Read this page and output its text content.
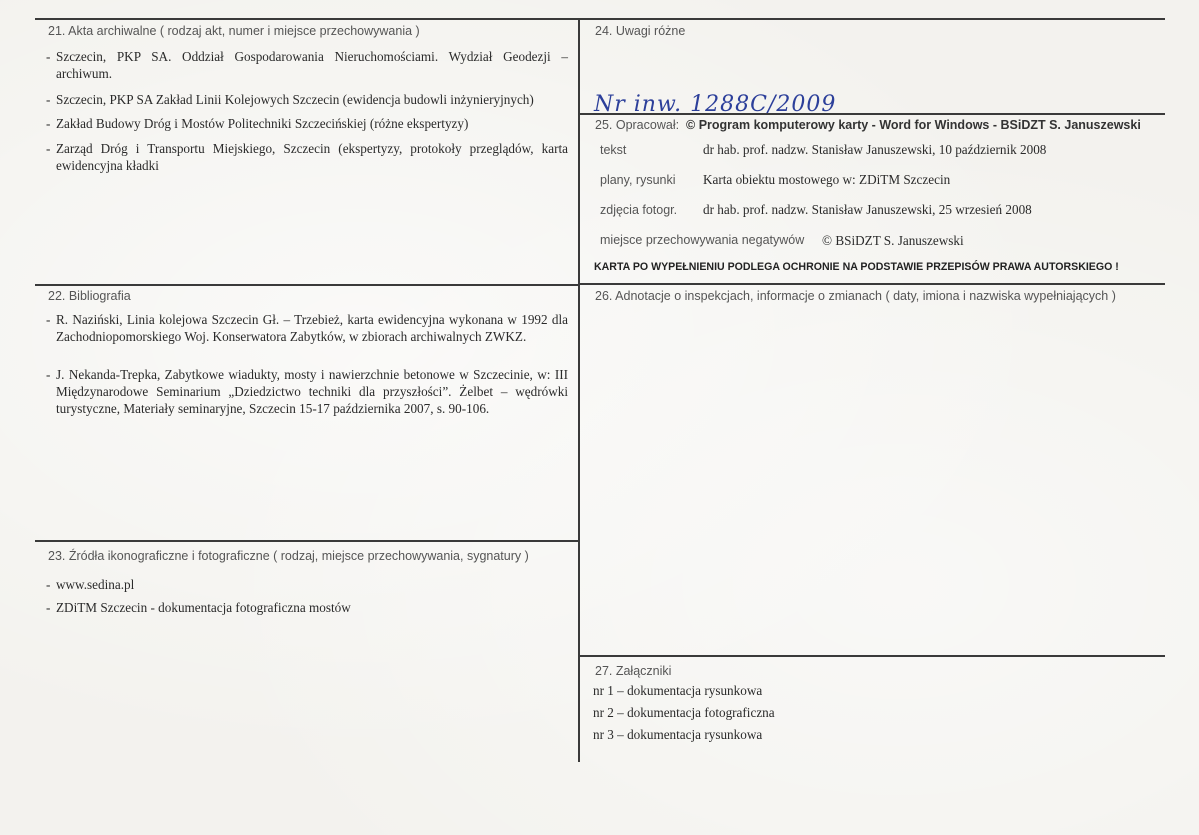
21. Akta archiwalne ( rodzaj akt, numer i miejsce przechowywania )
- Szczecin, PKP SA. Oddział Gospodarowania Nieruchomościami. Wydział Geodezji – archiwum.
- Szczecin, PKP SA Zakład Linii Kolejowych Szczecin (ewidencja budowli inżynieryjnych)
- Zakład Budowy Dróg i Mostów Politechniki Szczecińskiej (różne ekspertyzy)
- Zarząd Dróg i Transportu Miejskiego, Szczecin (ekspertyzy, protokoły przeglądów, karta ewidencyjna kładki
22. Bibliografia
- R. Naziński, Linia kolejowa Szczecin Gł. – Trzebież, karta ewidencyjna wykonana w 1992 dla Zachodniopomorskiego Woj. Konserwatora Zabytków, w zbiorach archiwalnych ZWKZ.
- J. Nekanda-Trepka, Zabytkowe wiadukty, mosty i nawierzchnie betonowe w Szczecinie, w: III Międzynarodowe Seminarium „Dziedzictwo techniki dla przyszłości”. Żelbet – wędrówki turystyczne, Materiały seminaryjne, Szczecin 15-17 października 2007, s. 90-106.
23. Źródła ikonograficzne i fotograficzne ( rodzaj, miejsce przechowywania, sygnatury )
- www.sedina.pl
- ZDiTM Szczecin - dokumentacja fotograficzna mostów
24. Uwagi różne
Nr inw. 1288C/2009
25. Opracował: © Program komputerowy karty - Word for Windows - BSiDZT S. Januszewski
tekst	dr hab. prof. nadzw. Stanisław Januszewski, 10 październik 2008
plany, rysunki Karta obiektu mostowego w: ZDiTM Szczecin
zdjęcia fotogr. dr hab. prof. nadzw. Stanisław Januszewski, 25 wrzesień 2008
miejsce przechowywania negatywów © BSiDZT S. Januszewski
KARTA PO WYPEŁNIENIU PODLEGA OCHRONIE NA PODSTAWIE PRZEPISÓW PRAWA AUTORSKIEGO !
26. Adnotacje o inspekcjach, informacje o zmianach ( daty, imiona i nazwiska wypełniających )
27. Załączniki
nr 1 – dokumentacja rysunkowa
nr 2 – dokumentacja fotograficzna
nr 3 – dokumentacja rysunkowa
